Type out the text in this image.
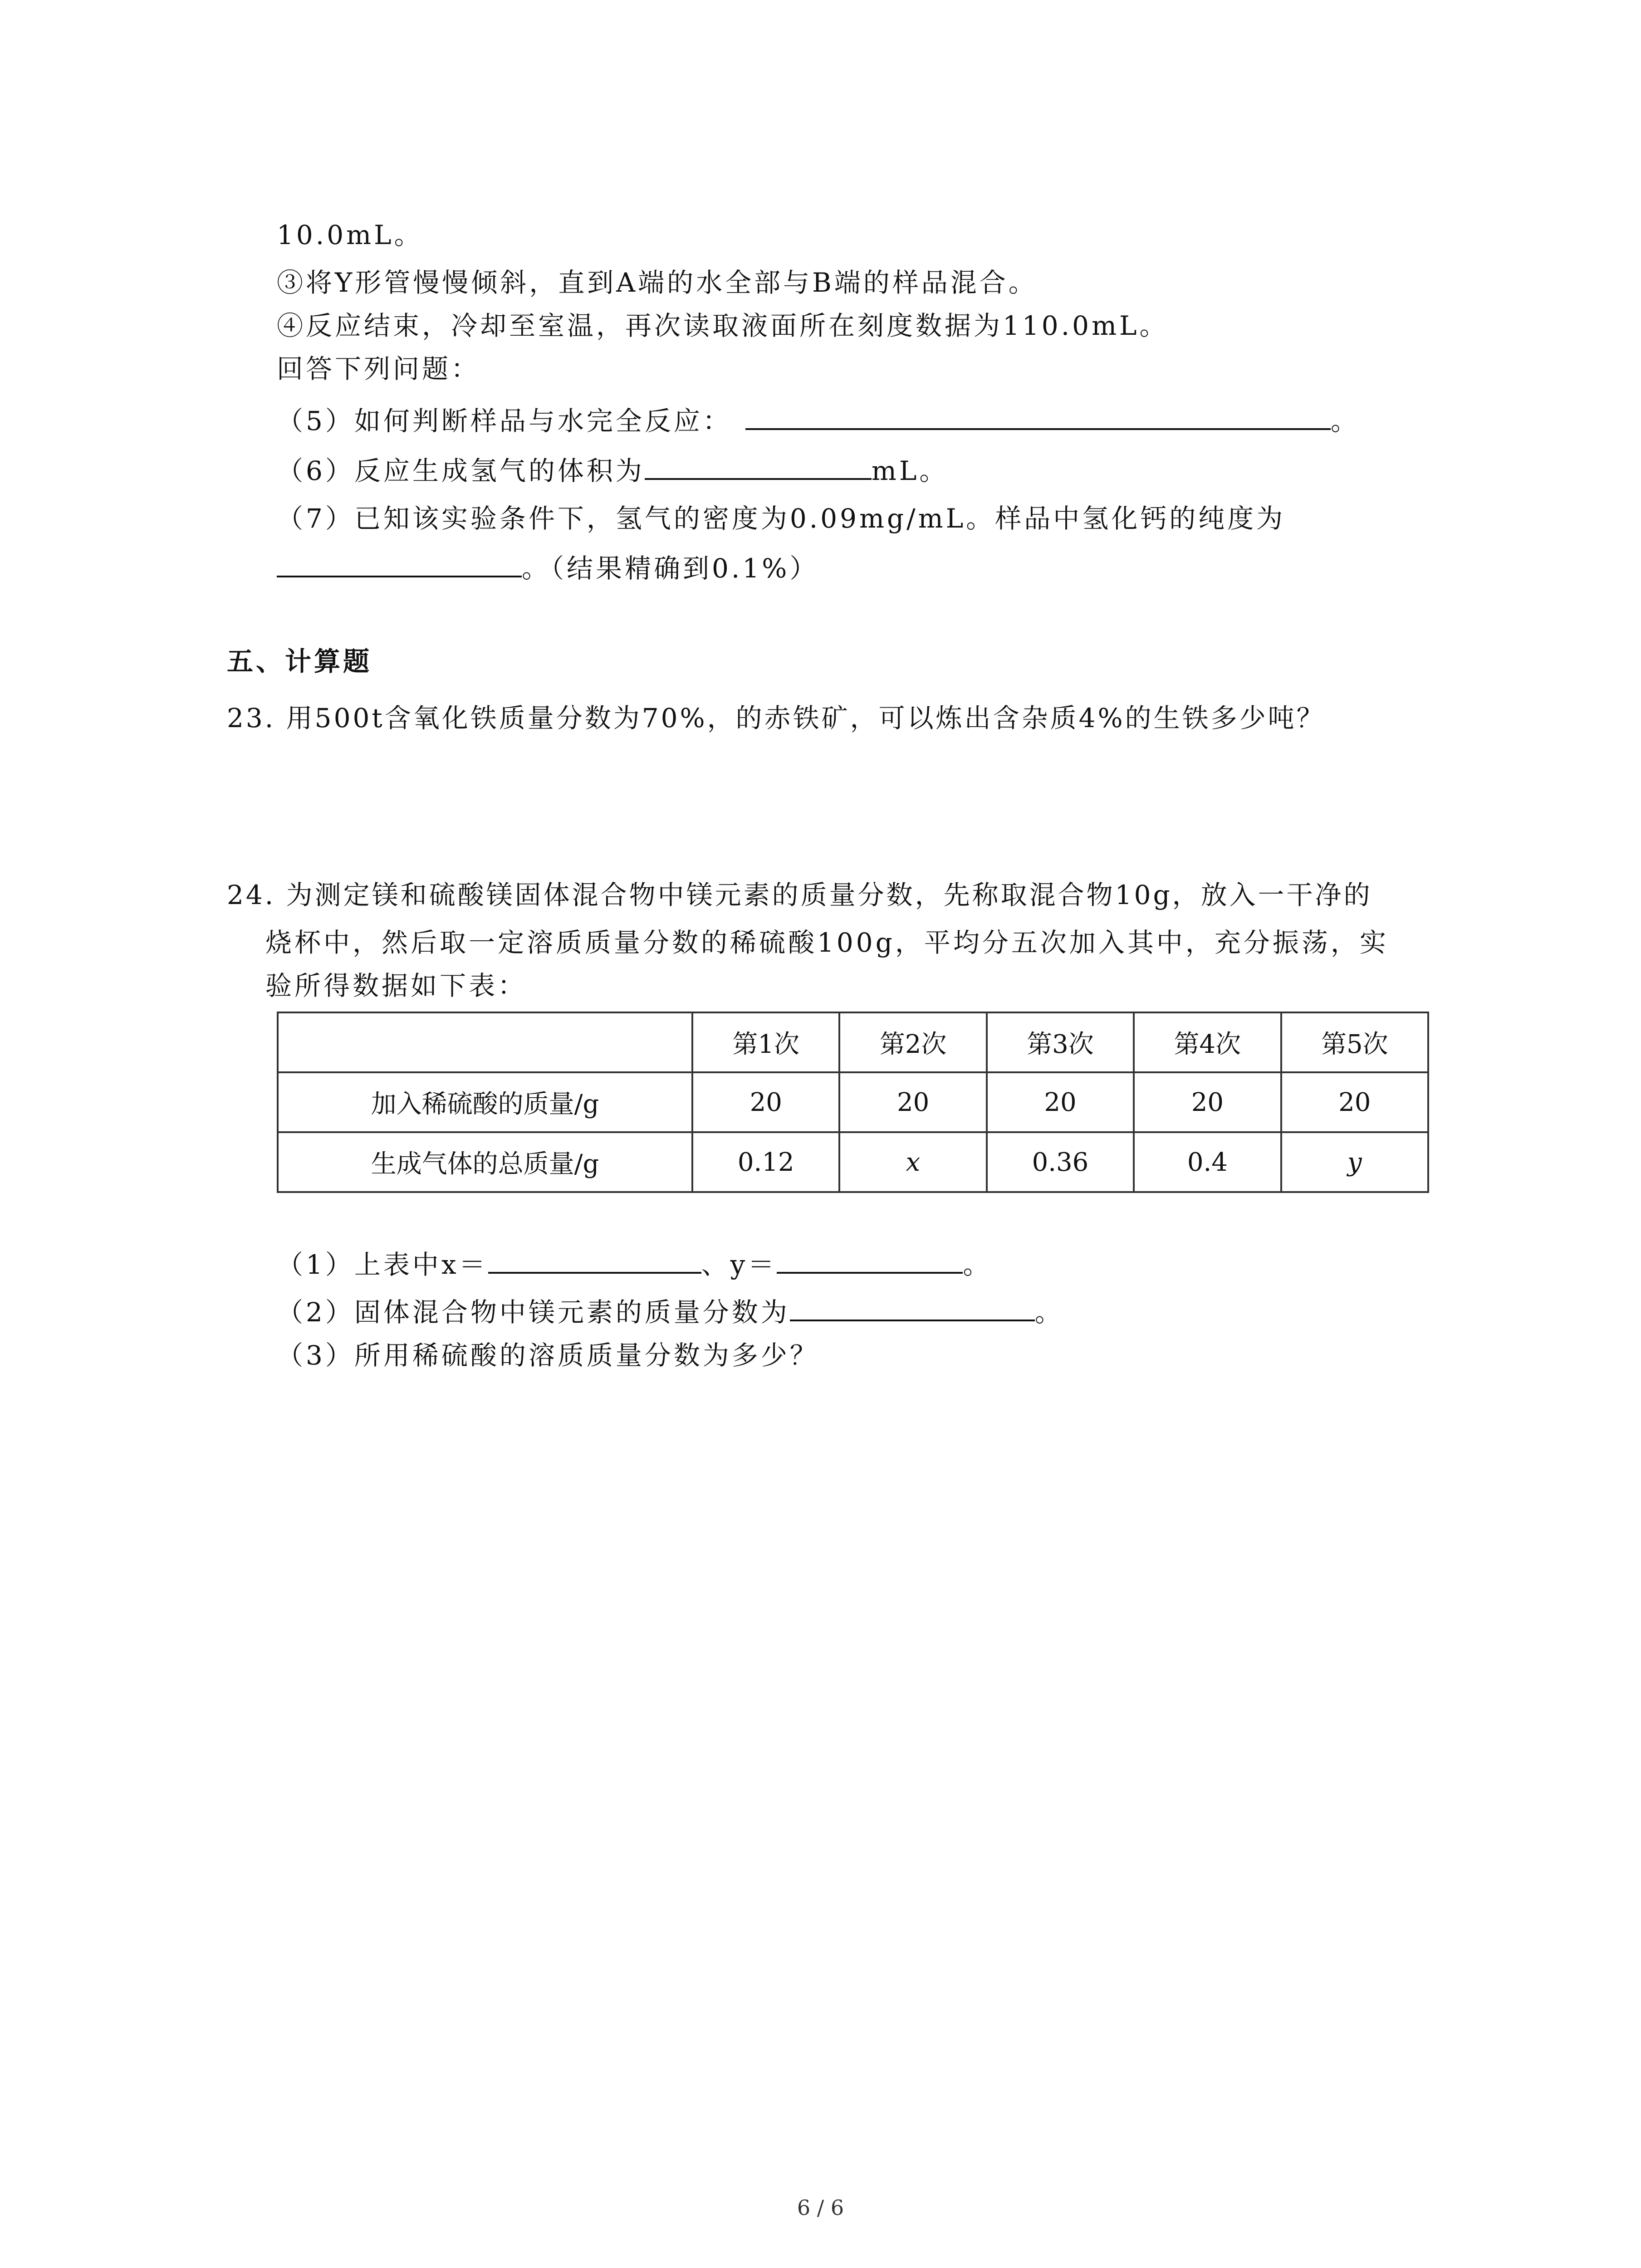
10.0mL。
③将Y形管慢慢倾斜，直到A端的水全部与B端的样品混合。
④反应结束，冷却至室温，再次读取液面所在刻度数据为110.0mL。
回答下列问题：
（5）如何判断样品与水完全反应：	。
（6）反应生成氢气的体积为	mL。
（7）已知该实验条件下，氢气的密度为0.09mg/mL。样品中氢化钙的纯度为
。（结果精确到0.1%）
五、计算题
23. 用500t含氧化铁质量分数为70%，的赤铁矿，可以炼出含杂质4%的生铁多少吨？
24. 为测定镁和硫酸镁固体混合物中镁元素的质量分数，先称取混合物10g，放入一干净的
烧杯中，然后取一定溶质质量分数的稀硫酸100g，平均分五次加入其中，充分振荡，实
验所得数据如下表：
	第1次	第2次	第3次	第4次	第5次
加入稀硫酸的质量/g	20	20	20	20	20
生成气体的总质量/g	0.12	x	0.36	0.4	y
（1）上表中x＝	、y＝	。
（2）固体混合物中镁元素的质量分数为	。
（3）所用稀硫酸的溶质质量分数为多少？
6 / 6
